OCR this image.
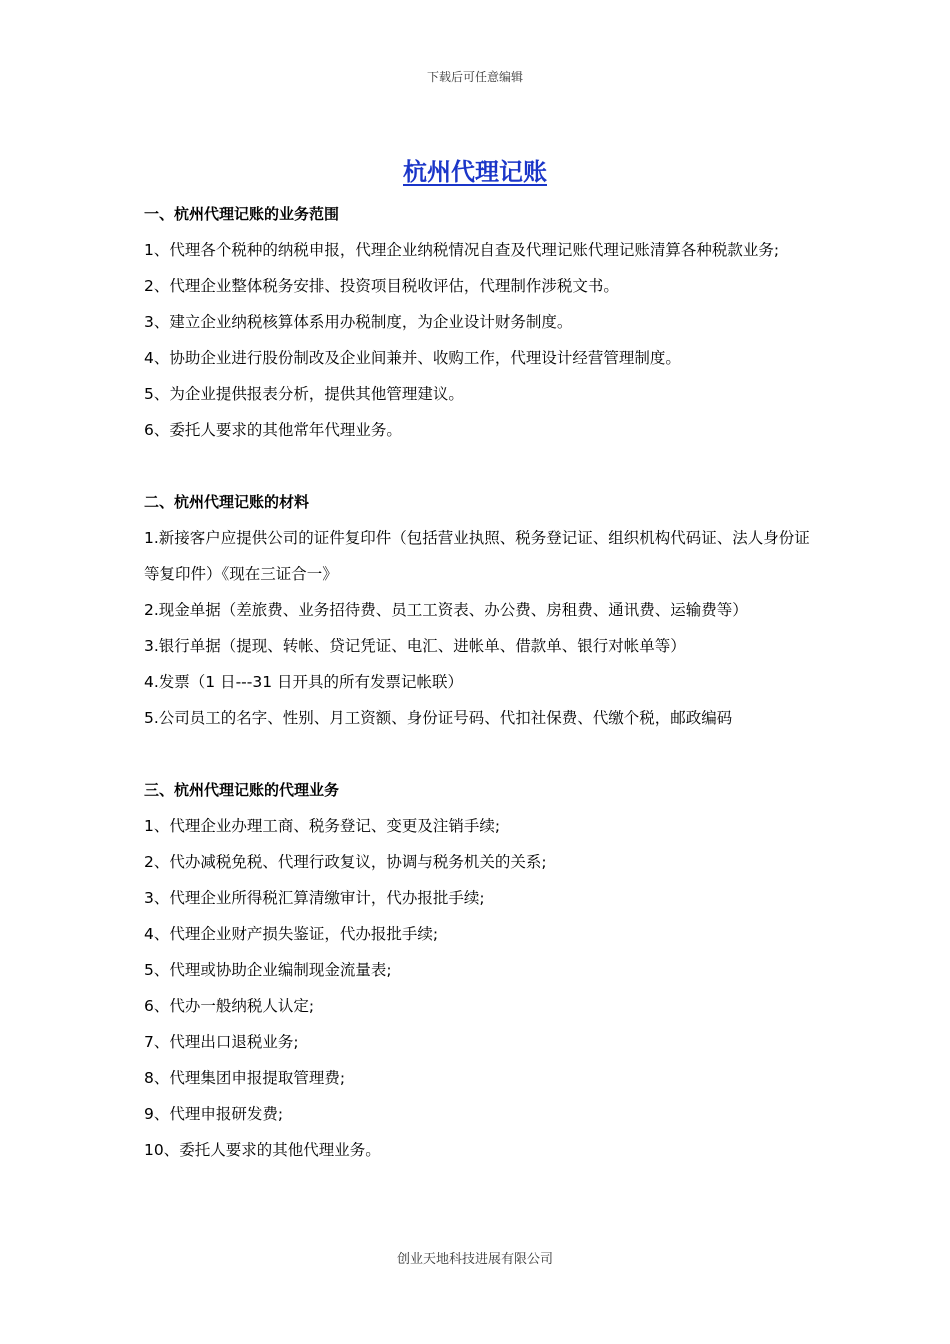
下载后可任意编辑
杭州代理记账

一、杭州代理记账的业务范围

1、代理各个税种的纳税申报，代理企业纳税情况自查及代理记账代理记账清算各种税款业务;

2、代理企业整体税务安排、投资项目税收评估，代理制作涉税文书。

3、建立企业纳税核算体系用办税制度，为企业设计财务制度。

4、协助企业进行股份制改及企业间兼并、收购工作，代理设计经营管理制度。

5、为企业提供报表分析，提供其他管理建议。

6、委托人要求的其他常年代理业务。

二、杭州代理记账的材料

1.新接客户应提供公司的证件复印件（包括营业执照、税务登记证、组织机构代码证、法人身份证等复印件）《现在三证合一》

2.现金单据（差旅费、业务招待费、员工工资表、办公费、房租费、通讯费、运输费等）

3.银行单据（提现、转帐、贷记凭证、电汇、进帐单、借款单、银行对帐单等）

4.发票（1 日---31 日开具的所有发票记帐联）

5.公司员工的名字、性别、月工资额、身份证号码、代扣社保费、代缴个税，邮政编码

三、杭州代理记账的代理业务

1、代理企业办理工商、税务登记、变更及注销手续;

2、代办减税免税、代理行政复议，协调与税务机关的关系;

3、代理企业所得税汇算清缴审计，代办报批手续;

4、代理企业财产损失鉴证，代办报批手续;

5、代理或协助企业编制现金流量表;

6、代办一般纳税人认定;

7、代理出口退税业务;

8、代理集团申报提取管理费;

9、代理申报研发费;

10、委托人要求的其他代理业务。

创业天地科技进展有限公司
